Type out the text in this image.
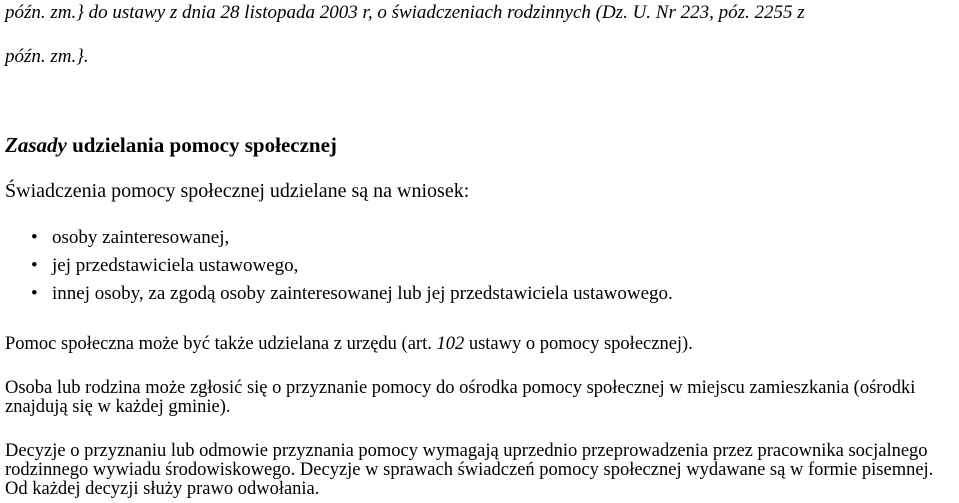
późn. zm.} do ustawy z dnia 28 listopada 2003 r, o świadczeniach rodzinnych (Dz. U. Nr 223, póz. 2255 z
późn. zm.}.
Zasady udzielania pomocy społecznej
Świadczenia pomocy społecznej udzielane są na wniosek:
• osoby zainteresowanej,
• jej przedstawiciela ustawowego,
• innej osoby, za zgodą osoby zainteresowanej lub jej przedstawiciela ustawowego.
Pomoc społeczna może być także udzielana z urzędu (art. 102 ustawy o pomocy społecznej).
Osoba lub rodzina może zgłosić się o przyznanie pomocy do ośrodka pomocy społecznej w miejscu zamieszkania (ośrodki znajdują się w każdej gminie).
Decyzje o przyznaniu lub odmowie przyznania pomocy wymagają uprzednio przeprowadzenia przez pracownika socjalnego rodzinnego wywiadu środowiskowego. Decyzje w sprawach świadczeń pomocy społecznej wydawane są w formie pisemnej. Od każdej decyzji służy prawo odwołania.
